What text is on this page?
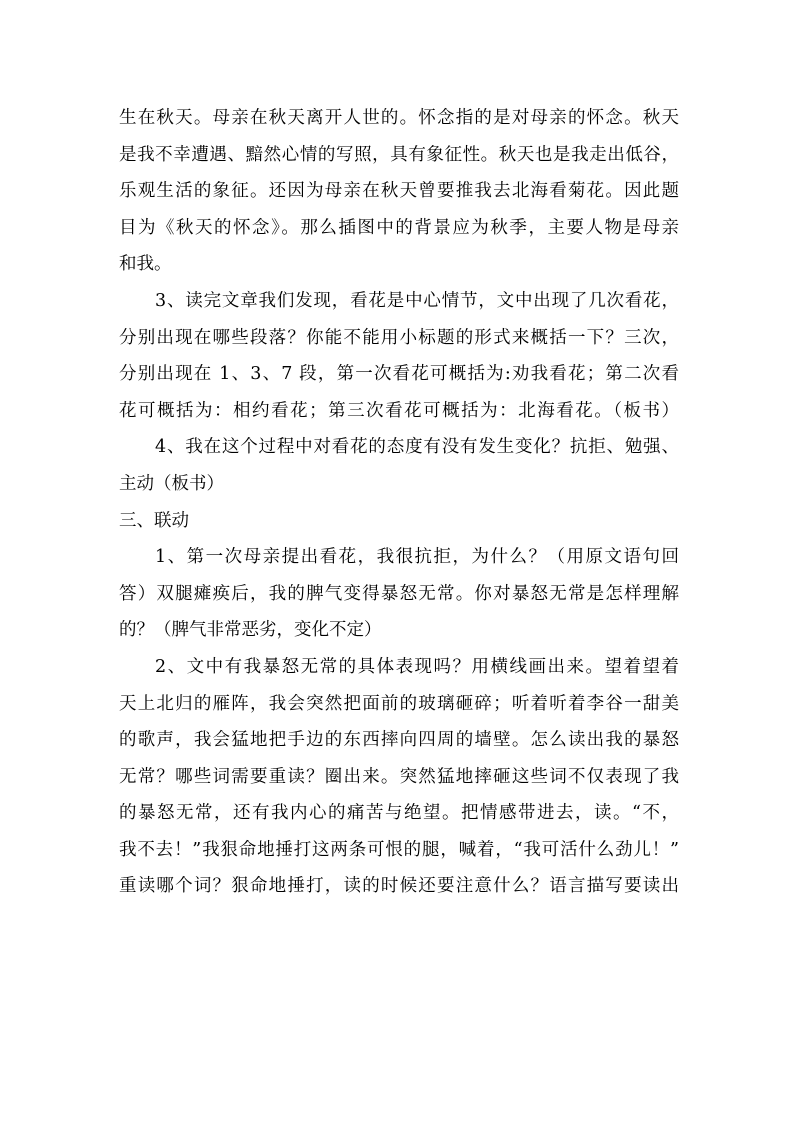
生在秋天。母亲在秋天离开人世的。怀念指的是对母亲的怀念。秋天
是我不幸遭遇、黯然心情的写照，具有象征性。秋天也是我走出低谷，
乐观生活的象征。还因为母亲在秋天曾要推我去北海看菊花。因此题
目为《秋天的怀念》。那么插图中的背景应为秋季，主要人物是母亲
和我。
3、读完文章我们发现，看花是中心情节，文中出现了几次看花，
分别出现在哪些段落？你能不能用小标题的形式来概括一下？三次，
分别出现在 1、3、7 段，第一次看花可概括为:劝我看花；第二次看
花可概括为：相约看花；第三次看花可概括为：北海看花。（板书）
4、我在这个过程中对看花的态度有没有发生变化？抗拒、勉强、
主动（板书）
三、联动
1、第一次母亲提出看花，我很抗拒，为什么？（用原文语句回
答）双腿瘫痪后，我的脾气变得暴怒无常。你对暴怒无常是怎样理解
的？（脾气非常恶劣，变化不定）
2、文中有我暴怒无常的具体表现吗？用横线画出来。望着望着
天上北归的雁阵，我会突然把面前的玻璃砸碎；听着听着李谷一甜美
的歌声，我会猛地把手边的东西摔向四周的墙壁。怎么读出我的暴怒
无常？哪些词需要重读？圈出来。突然猛地摔砸这些词不仅表现了我
的暴怒无常，还有我内心的痛苦与绝望。把情感带进去，读。“不，
我不去！”我狠命地捶打这两条可恨的腿，喊着，“我可活什么劲儿！”
重读哪个词？狠命地捶打，读的时候还要注意什么？语言描写要读出
